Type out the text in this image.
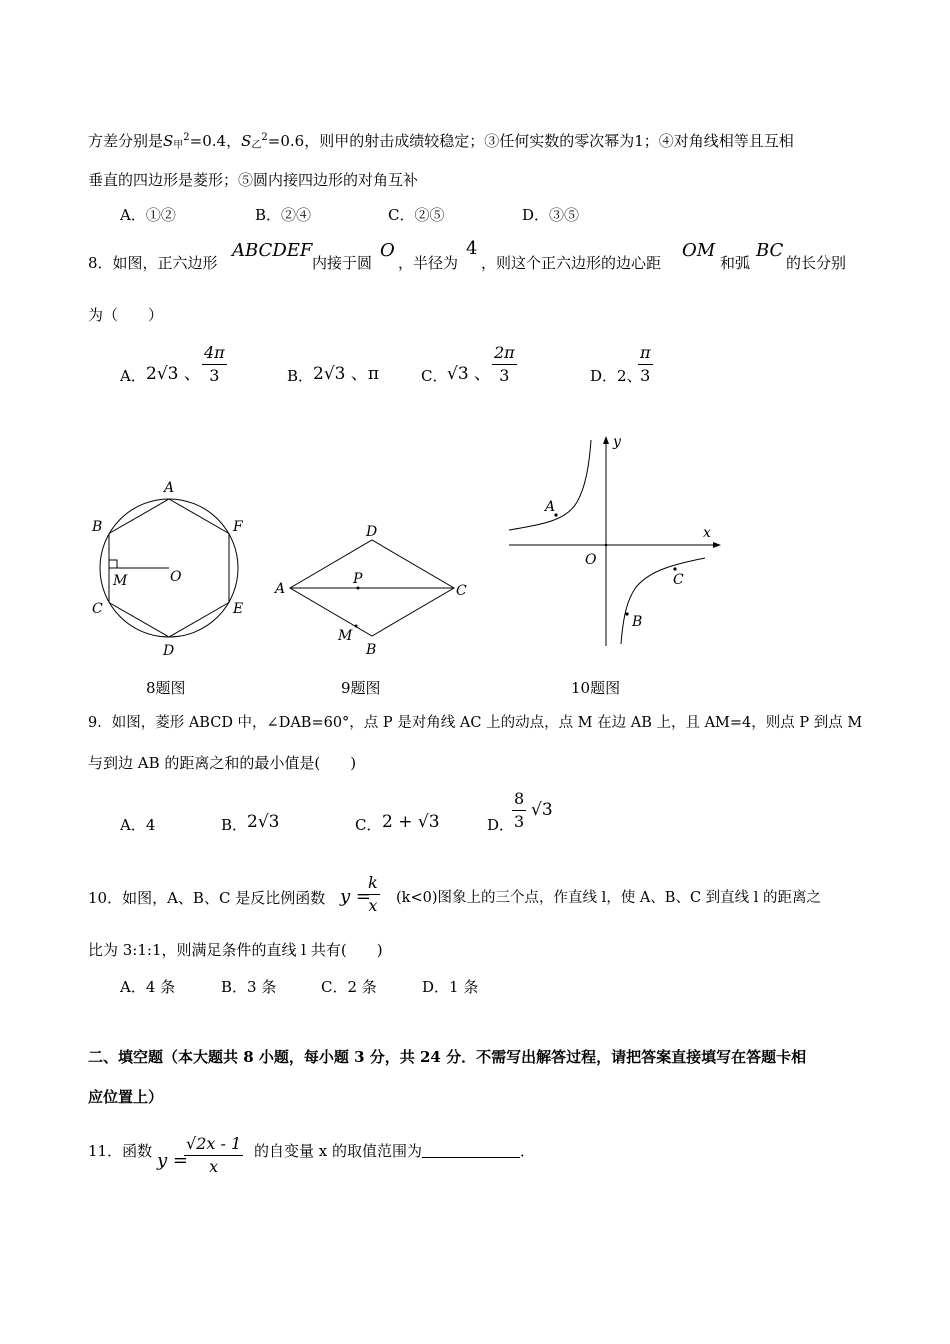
方差分别是S甲$^2$=0.4，S乙$^2$=0.6，则甲的射击成绩较稳定；③任何实数的零次幂为1；④对角线相等且互相
垂直的四边形是菱形；⑤圆内接四边形的对角互补
A．①②	B．②④	C．②⑤	D．③⑤
8．如图，正六边形
ABCDEF
内接于圆
O
，半径为
4
，则这个正六边形的边心距
OM
和弧
BC
的长分别
为（　　）
A． 2√3 、 $\frac{4\pi}{3}$	B． 2√3 、π	C． √3 、 $\frac{2\pi}{3}$	D．2、
$\frac{\pi}{3}$
A
B
C
D
E
F
M	O
A
B
C
D
P
M
x
y
O
A
B
C
8题图	9题图	10题图
9．如图，菱形 ABCD 中，∠DAB=60°，点 P 是对角线 AC 上的动点，点 M 在边 AB 上，且 AM=4，则点 P 到点 M
与到边 AB 的距离之和的最小值是(　　)
A．4	B． 2√3	C． 2 + √3	D．
$\frac{8}{3} √3$
10．如图，A、B、C 是反比例函数 y =
$\frac{k}{x} (k<0)$图象上的三个点，作直线 l，使 A、B、C 到直线 l 的距离之
比为 3:1:1，则满足条件的直线 l 共有(　　)
A．4 条	B．3 条	C．2 条	D．1 条
二、填空题（本大题共 8 小题，每小题 3 分，共 24 分．不需写出解答过程，请把答案直接填写在答题卡相
应位置上）
11．函数 y =
$\frac{√2x - 1}{x}$ 的自变量 x 的取值范围为	．
